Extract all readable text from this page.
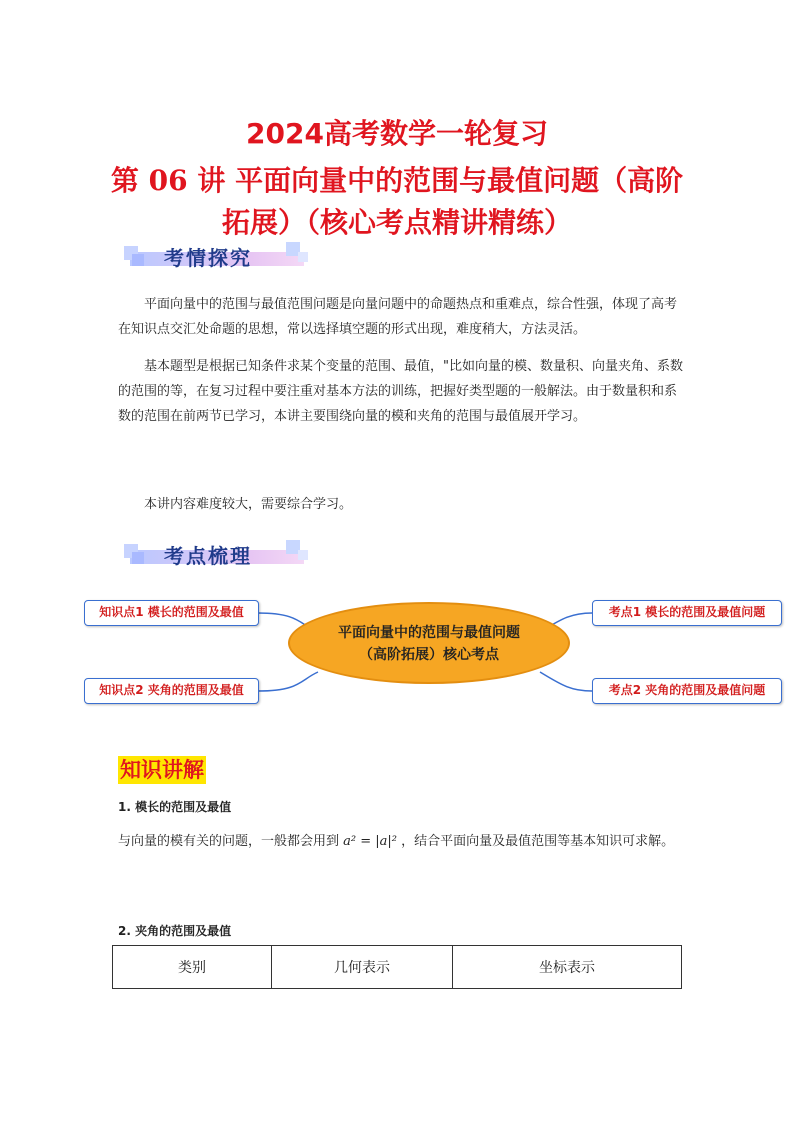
2024高考数学一轮复习
第 06 讲 平面向量中的范围与最值问题（高阶拓展）（核心考点精讲精练）
考情探究
平面向量中的范围与最值范围问题是向量问题中的命题热点和重难点，综合性强，体现了高考在知识点交汇处命题的思想，常以选择填空题的形式出现，难度稍大，方法灵活。
基本题型是根据已知条件求某个变量的范围、最值，"比如向量的模、数量积、向量夹角、系数的范围的等，在复习过程中要注重对基本方法的训练，把握好类型题的一般解法。由于数量积和系数的范围在前两节已学习，本讲主要围绕向量的模和夹角的范围与最值展开学习。
本讲内容难度较大，需要综合学习。
考点梳理
知识点1 模长的范围及最值
知识点2 夹角的范围及最值
考点1 模长的范围及最值问题
考点2 夹角的范围及最值问题
平面向量中的范围与最值问题
（高阶拓展）核心考点
知识讲解
1. 模长的范围及最值
与向量的模有关的问题，一般都会用到 a² = |a|² ，结合平面向量及最值范围等基本知识可求解。
2. 夹角的范围及最值
类别	几何表示	坐标表示
